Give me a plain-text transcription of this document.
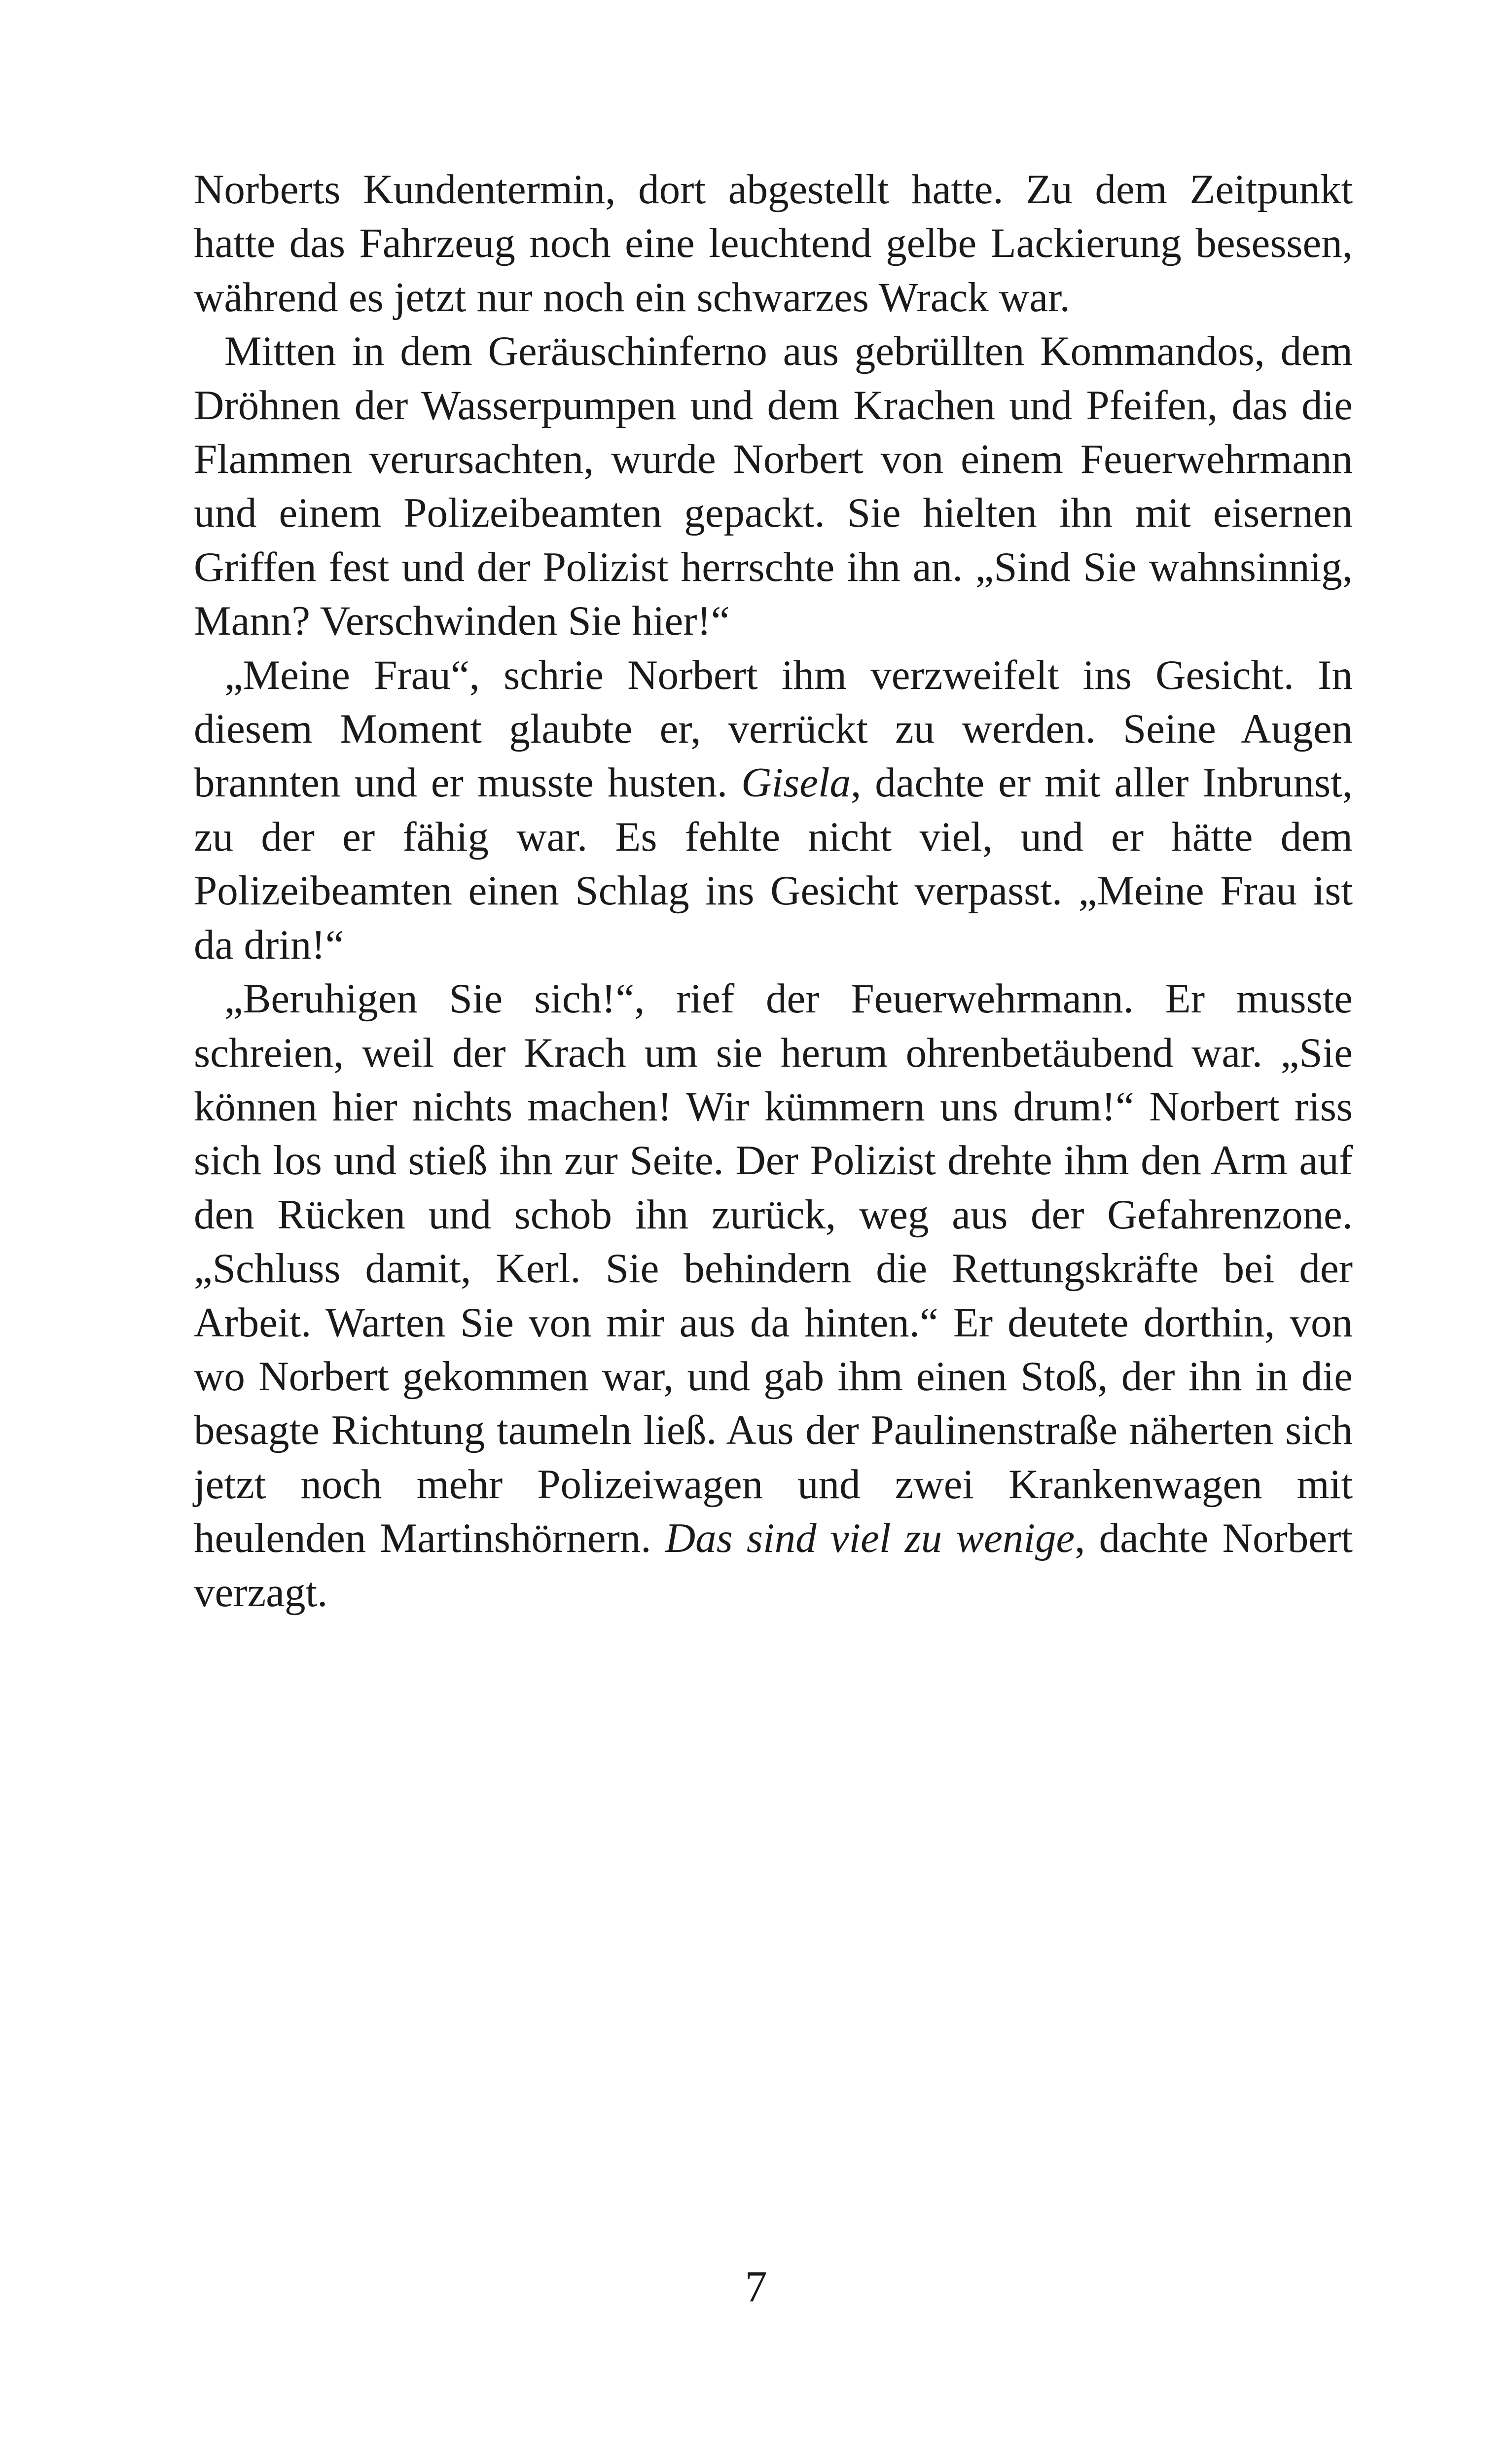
Norberts Kundentermin, dort abgestellt hatte. Zu dem Zeitpunkt hatte das Fahrzeug noch eine leuchtend gelbe Lackierung besessen, während es jetzt nur noch ein schwarzes Wrack war.

Mitten in dem Geräuschinferno aus gebrüllten Kommandos, dem Dröhnen der Wasserpumpen und dem Krachen und Pfeifen, das die Flammen verursachten, wurde Norbert von einem Feuerwehrmann und einem Polizeibeamten gepackt. Sie hielten ihn mit eisernen Griffen fest und der Polizist herrschte ihn an. „Sind Sie wahnsinnig, Mann? Verschwinden Sie hier!“

„Meine Frau“, schrie Norbert ihm verzweifelt ins Gesicht. In diesem Moment glaubte er, verrückt zu werden. Seine Augen brannten und er musste husten. Gisela, dachte er mit aller Inbrunst, zu der er fähig war. Es fehlte nicht viel, und er hätte dem Polizeibeamten einen Schlag ins Gesicht verpasst. „Meine Frau ist da drin!“

„Beruhigen Sie sich!“, rief der Feuerwehrmann. Er musste schreien, weil der Krach um sie herum ohrenbetäubend war. „Sie können hier nichts machen! Wir kümmern uns drum!“ Norbert riss sich los und stieß ihn zur Seite. Der Polizist drehte ihm den Arm auf den Rücken und schob ihn zurück, weg aus der Gefahrenzone. „Schluss damit, Kerl. Sie behindern die Rettungskräfte bei der Arbeit. Warten Sie von mir aus da hinten.“ Er deutete dorthin, von wo Norbert gekommen war, und gab ihm einen Stoß, der ihn in die besagte Richtung taumeln ließ. Aus der Paulinenstraße näherten sich jetzt noch mehr Polizeiwagen und zwei Krankenwagen mit heulenden Martinshörnern. Das sind viel zu wenige, dachte Norbert verzagt.

7
